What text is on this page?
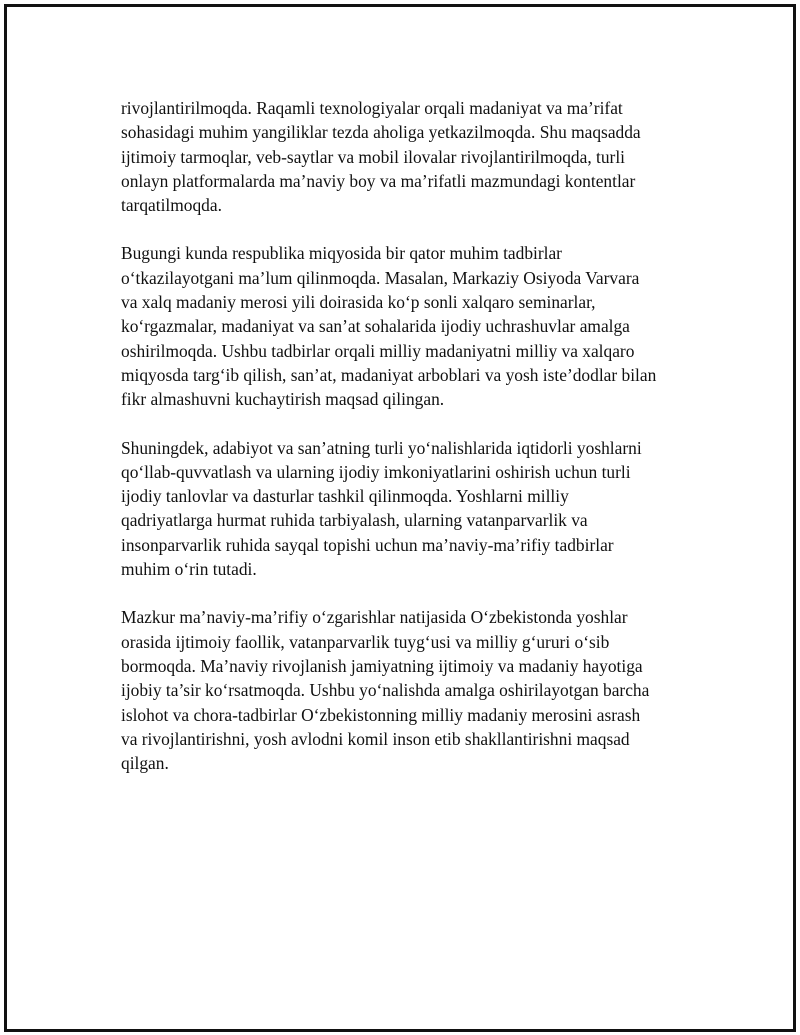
rivojlantirilmoqda. Raqamli texnologiyalar orqali madaniyat va ma’rifat
sohasidagi muhim yangiliklar tezda aholiga yetkazilmoqda. Shu maqsadda
ijtimoiy tarmoqlar, veb-saytlar va mobil ilovalar rivojlantirilmoqda, turli
onlayn platformalarda ma’naviy boy va ma’rifatli mazmundagi kontentlar
tarqatilmoqda.

Bugungi kunda respublika miqyosida bir qator muhim tadbirlar
o‘tkazilayotgani ma’lum qilinmoqda. Masalan, Markaziy Osiyoda Varvara
va xalq madaniy merosi yili doirasida ko‘p sonli xalqaro seminarlar,
ko‘rgazmalar, madaniyat va san’at sohalarida ijodiy uchrashuvlar amalga
oshirilmoqda. Ushbu tadbirlar orqali milliy madaniyatni milliy va xalqaro
miqyosda targ‘ib qilish, san’at, madaniyat arboblari va yosh iste’dodlar bilan
fikr almashuvni kuchaytirish maqsad qilingan.

Shuningdek, adabiyot va san’atning turli yo‘nalishlarida iqtidorli yoshlarni
qo‘llab-quvvatlash va ularning ijodiy imkoniyatlarini oshirish uchun turli
ijodiy tanlovlar va dasturlar tashkil qilinmoqda. Yoshlarni milliy
qadriyatlarga hurmat ruhida tarbiyalash, ularning vatanparvarlik va
insonparvarlik ruhida sayqal topishi uchun ma’naviy-ma’rifiy tadbirlar
muhim o‘rin tutadi.

Mazkur ma’naviy-ma’rifiy o‘zgarishlar natijasida O‘zbekistonda yoshlar
orasida ijtimoiy faollik, vatanparvarlik tuyg‘usi va milliy g‘ururi o‘sib
bormoqda. Ma’naviy rivojlanish jamiyatning ijtimoiy va madaniy hayotiga
ijobiy ta’sir ko‘rsatmoqda. Ushbu yo‘nalishda amalga oshirilayotgan barcha
islohot va chora-tadbirlar O‘zbekistonning milliy madaniy merosini asrash
va rivojlantirishni, yosh avlodni komil inson etib shakllantirishni maqsad
qilgan.
